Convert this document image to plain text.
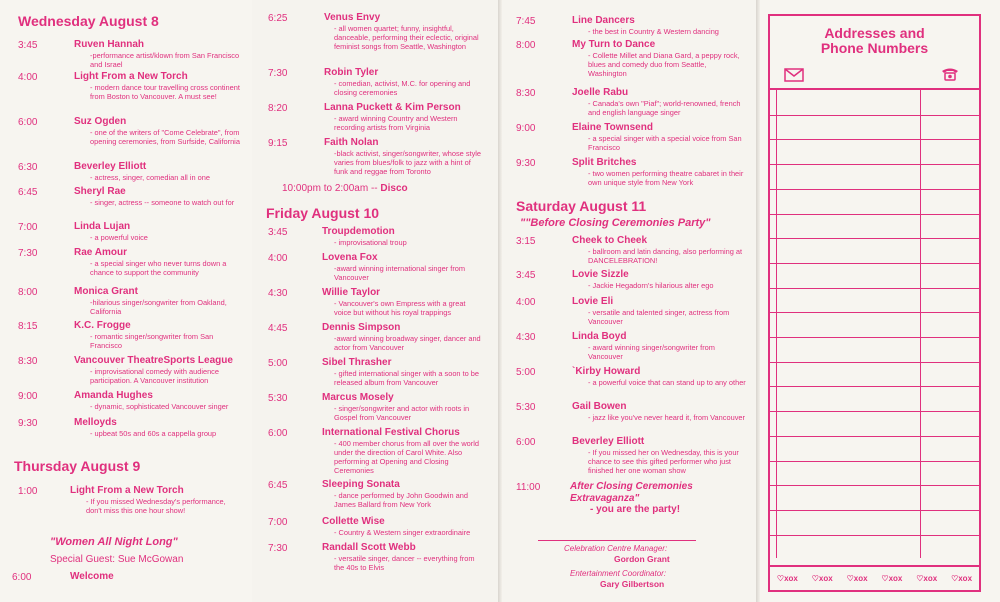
Wednesday August 8
3:45	Ruven Hannah
-performance artist/klown from San Francisco and Israel
4:00	Light From a New Torch
- modern dance tour travelling cross continent from Boston to Vancouver. A must see!
6:00	Suz Ogden
- one of the writers of "Come Celebrate", from opening ceremonies, from Surfside, California
6:30	Beverley Elliott
- actress, singer, comedian all in one
6:45	Sheryl Rae
- singer, actress -- someone to watch out for
7:00	Linda Lujan
- a powerful voice
7:30	Rae Amour
- a special singer who never turns down a chance to support the community
8:00	Monica Grant
-hilarious singer/songwriter from Oakland, California
8:15	K.C. Frogge
- romantic singer/songwriter from San Francisco
8:30	Vancouver TheatreSports League
- improvisational comedy with audience participation. A Vancouver institution
9:00	Amanda Hughes
- dynamic, sophisticated Vancouver singer
9:30	Melloyds
- upbeat 50s and 60s a cappella group
Thursday August 9
1:00	Light From a New Torch
- If you missed Wednesday's performance, don't miss this one hour show!
"Women All Night Long"
Special Guest: Sue McGowan
6:00	Welcome
6:25	Venus Envy
- all women quartet; funny, insightful, danceable, performing their eclectic, original feminist songs from Seattle, Washington
7:30	Robin Tyler
- comedian, activist, M.C. for opening and closing ceremonies
8:20	Lanna Puckett & Kim Person
- award winning Country and Western recording artists from Virginia
9:15	Faith Nolan
-black activist, singer/songwriter, whose style varies from blues/folk to jazz with a hint of funk and reggae from Toronto
10:00pm to 2:00am -- Disco
Friday August 10
3:45	Troupdemotion
- improvisational troup
4:00	Lovena Fox
-award winning international singer from Vancouver
4:30	Willie Taylor
- Vancouver's own Empress with a great voice but without his royal trappings
4:45	Dennis Simpson
-award winning broadway singer, dancer and actor from Vancouver
5:00	Sibel Thrasher
- gifted international singer with a soon to be released album from Vancouver
5:30	Marcus Mosely
- singer/songwriter and actor with roots in Gospel from Vancouver
6:00	International Festival Chorus
- 400 member chorus from all over the world under the direction of Carol White. Also performing at Opening and Closing Ceremonies
6:45	Sleeping Sonata
- dance performed by John Goodwin and James Ballard from New York
7:00	Collette Wise
- Country & Western singer extraordinaire
7:30	Randall Scott Webb
- versatile singer, dancer -- everything from the 40s to Elvis
7:45	Line Dancers
- the best in Country & Western dancing
8:00	My Turn to Dance
- Collette Millet and Diana Gard, a peppy rock, blues and comedy duo from Seattle, Washington
8:30	Joelle Rabu
- Canada's own "Piaf"; world-renowned, french and english language singer
9:00	Elaine Townsend
- a special singer with a special voice from San Francisco
9:30	Split Britches
- two women performing theatre cabaret in their own unique style from New York
Saturday August 11
""Before Closing Ceremonies Party"
3:15	Cheek to Cheek
- ballroom and latin dancing, also performing at DANCELEBRATION!
3:45	Lovie Sizzle
- Jackie Hegadorn's hilarious alter ego
4:00	Lovie Eli
- versatile and talented singer, actress from Vancouver
4:30	Linda Boyd
- award winning singer/songwriter from Vancouver
5:00	`Kirby Howard
- a powerful voice that can stand up to any other
5:30	Gail Bowen
- jazz like you've never heard it, from Vancouver
6:00	Beverley Elliott
- If you missed her on Wednesday, this is your chance to see this gifted performer who just finished her one woman show
11:00	After Closing Ceremonies Extravaganza"
- you are the party!
Celebration Centre Manager:
Gordon Grant
Entertainment Coordinator:
Gary Gilbertson
Addresses and
Phone Numbers
♡xox ♡xox ♡xox ♡xox ♡xox ♡xox
